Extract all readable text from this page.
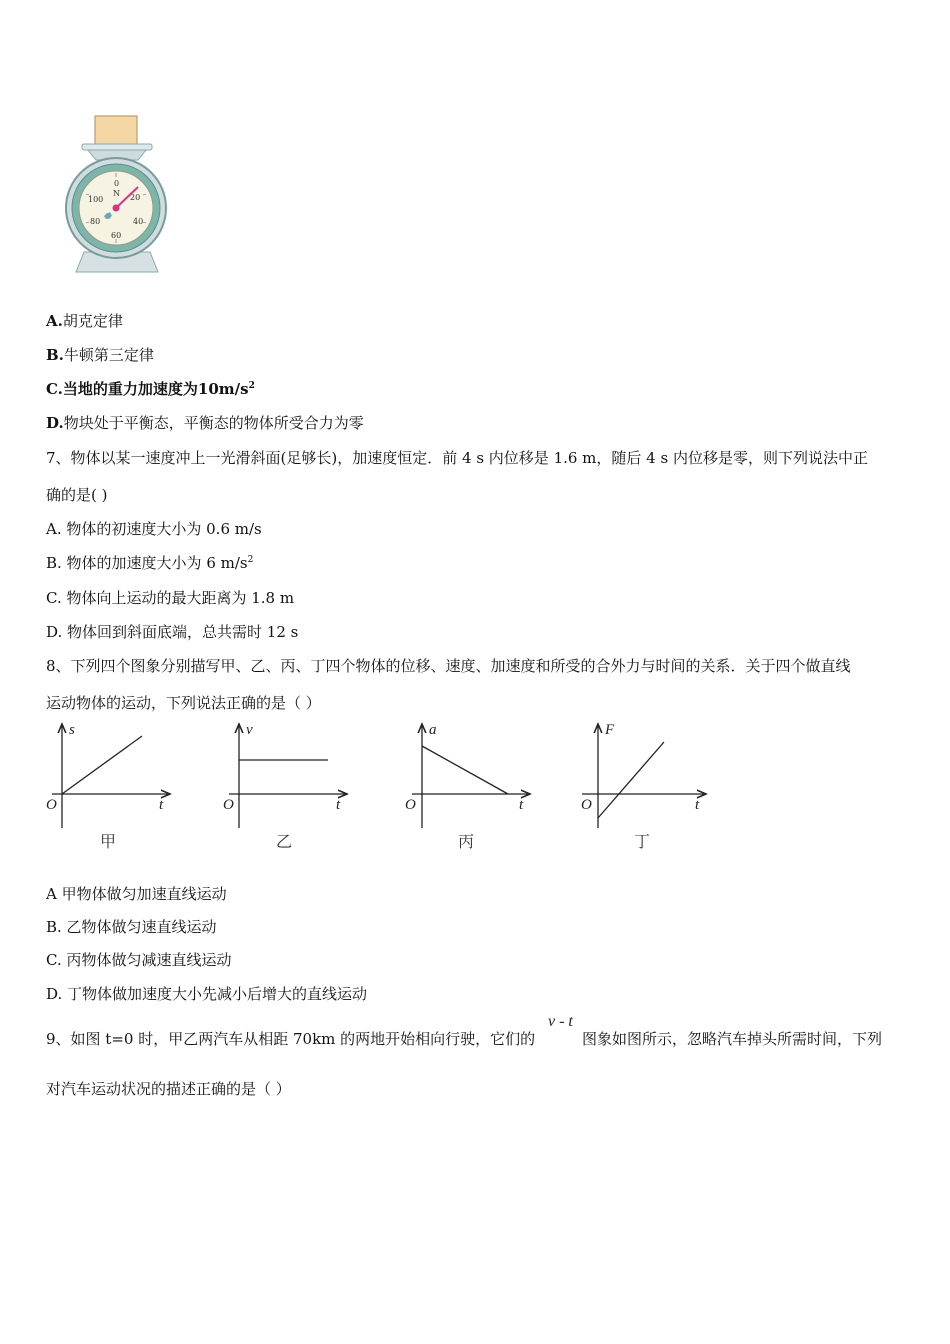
0
N 20
40
60
80
100
A.胡克定律
B.牛顿第三定律
C.当地的重力加速度为$10m/s^2$
D.物块处于平衡态，平衡态的物体所受合力为零
7、物体以某一速度冲上一光滑斜面(足够长)，加速度恒定．前 4 s 内位移是 1.6 m，随后 4 s 内位移是零，则下列说法中正
确的是( )
A. 物体的初速度大小为 0.6 m/s
B. 物体的加速度大小为 6 $m/s^2$
C. 物体向上运动的最大距离为 1.8 m
D. 物体回到斜面底端，总共需时 12 s
8、下列四个图象分别描写甲、乙、丙、丁四个物体的位移、速度、加速度和所受的合外力与时间的关系．关于四个做直线
运动物体的运动，下列说法正确的是（ ）
s
t
O
甲
v
t
O
乙
a
t
O
丙
F
t
O
丁
A 甲物体做匀加速直线运动
B. 乙物体做匀速直线运动
C. 丙物体做匀减速直线运动
D. 丁物体做加速度大小先减小后增大的直线运动
9、如图 t=0 时，甲乙两汽车从相距 70km 的两地开始相向行驶，它们的
v - t
图象如图所示，忽略汽车掉头所需时间，下列
对汽车运动状况的描述正确的是（ ）
